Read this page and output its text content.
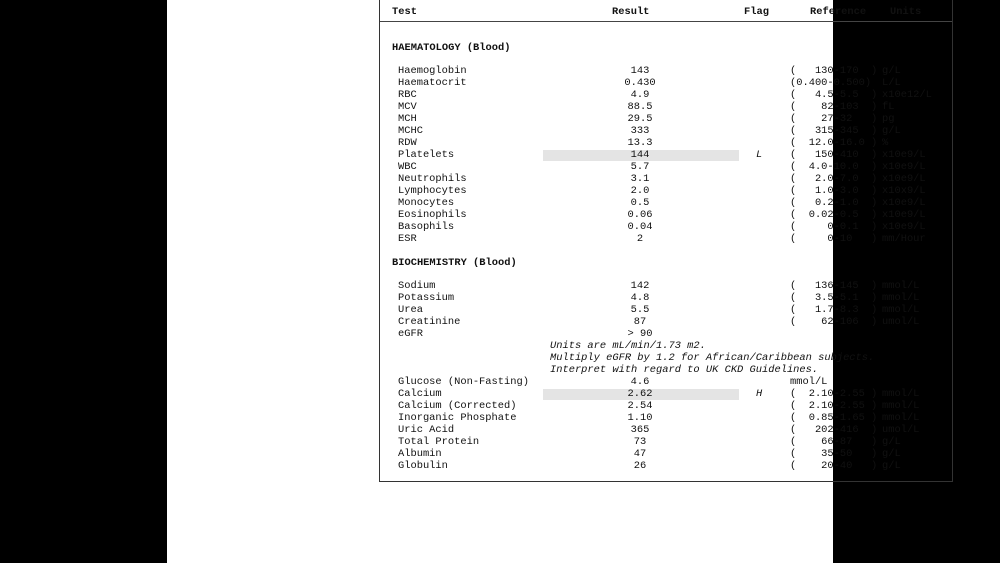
Test	Result	Flag	Reference Units
HAEMATOLOGY (Blood)
Haemoglobin	143	(   130-170  ) g/L
Haematocrit	0.430	(0.400-0.500) L/L
RBC	4.9	(   4.5-5.5  ) x10e12/L
MCV	88.5	(    82-103  ) fL
MCH	29.5	(    27-32   ) pg
MCHC	333	(   315-345  ) g/L
RDW	13.3	(  12.0-16.0 ) %
Platelets	144	L	(   150-410  ) x10e9/L
WBC	5.7	(  4.0-10.0  ) x10e9/L
Neutrophils	3.1	(   2.0-7.0  ) x10e9/L
Lymphocytes	2.0	(   1.0-3.0  ) x10x9/L
Monocytes	0.5	(   0.2-1.0  ) x10e9/L
Eosinophils	0.06	(  0.02-0.5  ) x10e9/L
Basophils	0.04	(     0-0.1  ) x10e9/L
ESR	2	(     0-10   ) mm/Hour
BIOCHEMISTRY (Blood)
Sodium	142	(   136-145  ) mmol/L
Potassium	4.8	(   3.5-5.1  ) mmol/L
Urea	5.5	(   1.7-8.3  ) mmol/L
Creatinine	87	(    62-106  ) umol/L
eGFR	> 90
Units are mL/min/1.73 m2.
Multiply eGFR by 1.2 for African/Caribbean subjects.
Interpret with regard to UK CKD Guidelines.
Glucose (Non-Fasting)	4.6	mmol/L
Calcium	2.62	H	(  2.10-2.55 ) mmol/L
Calcium (Corrected)	2.54	(  2.10-2.55 ) mmol/L
Inorganic Phosphate	1.10	(  0.85-1.65 ) mmol/L
Uric Acid	365	(   202-416  ) umol/L
Total Protein	73	(    66-87   ) g/L
Albumin	47	(    35-50   ) g/L
Globulin	26	(    20-40   ) g/L
